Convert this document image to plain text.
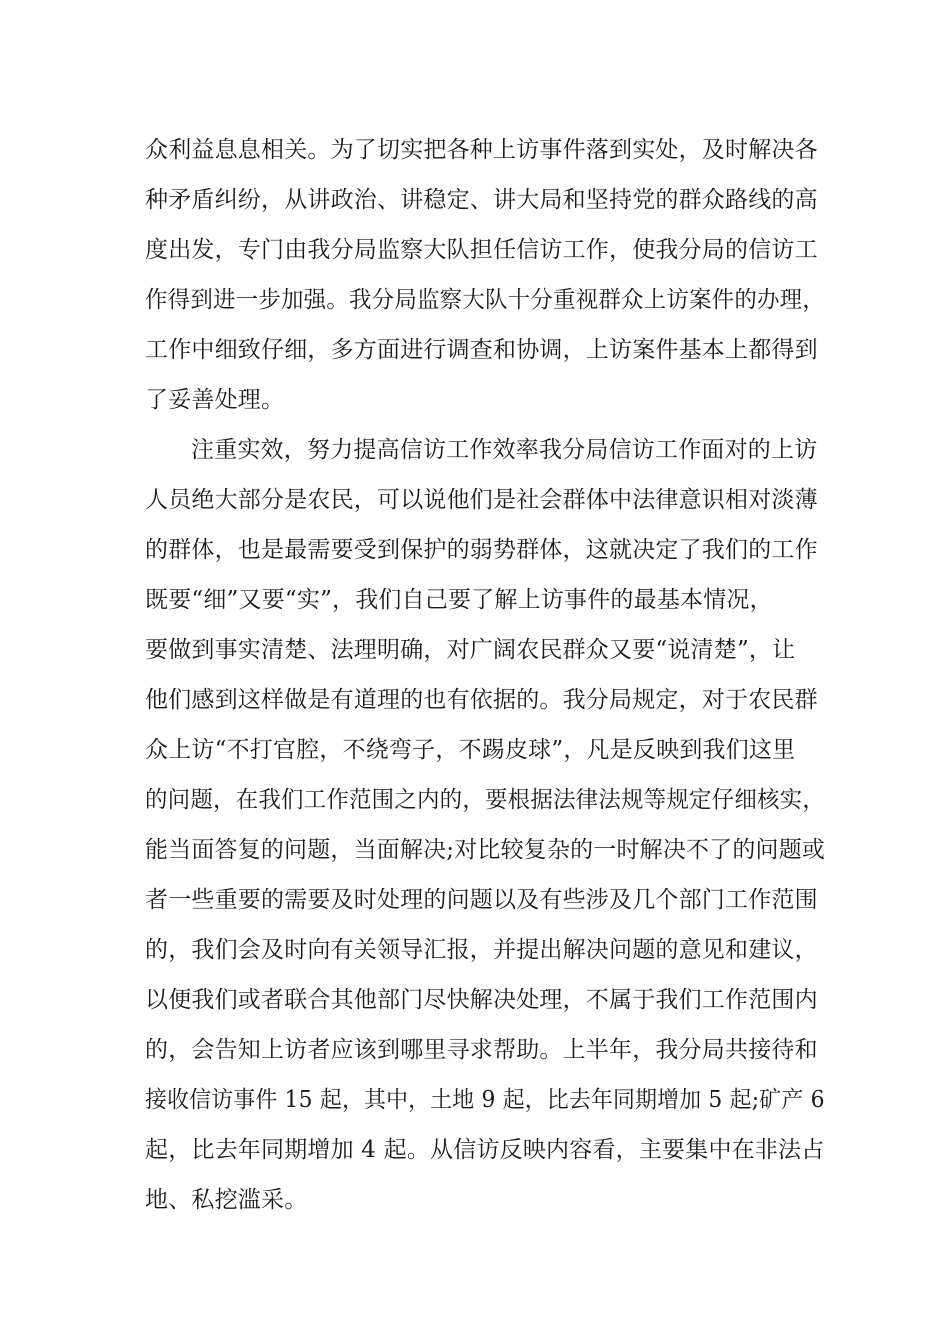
众利益息息相关。为了切实把各种上访事件落到实处，及时解决各
种矛盾纠纷，从讲政治、讲稳定、讲大局和坚持党的群众路线的高
度出发，专门由我分局监察大队担任信访工作，使我分局的信访工
作得到进一步加强。我分局监察大队十分重视群众上访案件的办理，
工作中细致仔细，多方面进行调查和协调，上访案件基本上都得到
了妥善处理。
注重实效，努力提高信访工作效率我分局信访工作面对的上访
人员绝大部分是农民，可以说他们是社会群体中法律意识相对淡薄
的群体，也是最需要受到保护的弱势群体，这就决定了我们的工作
既要“细”又要“实”，我们自己要了解上访事件的最基本情况，
要做到事实清楚、法理明确，对广阔农民群众又要“说清楚”，让
他们感到这样做是有道理的也有依据的。我分局规定，对于农民群
众上访“不打官腔，不绕弯子，不踢皮球”，凡是反映到我们这里
的问题，在我们工作范围之内的，要根据法律法规等规定仔细核实，
能当面答复的问题，当面解决;对比较复杂的一时解决不了的问题或
者一些重要的需要及时处理的问题以及有些涉及几个部门工作范围
的，我们会及时向有关领导汇报，并提出解决问题的意见和建议，
以便我们或者联合其他部门尽快解决处理，不属于我们工作范围内
的，会告知上访者应该到哪里寻求帮助。上半年，我分局共接待和
接收信访事件 15 起，其中，土地 9 起，比去年同期增加 5 起;矿产 6
起，比去年同期增加 4 起。从信访反映内容看，主要集中在非法占
地、私挖滥采。
